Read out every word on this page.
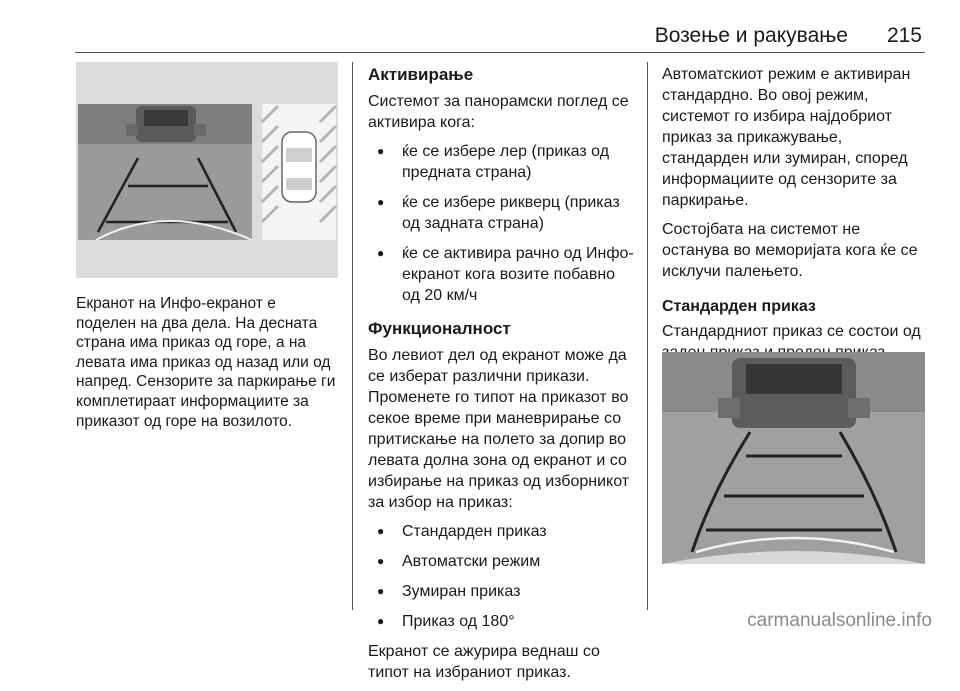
Возење и ракување 215
Екранот на Инфо-екранот е поделен на два дела. На десната страна има приказ од горе, а на левата има приказ од назад или од напред. Сензорите за паркирање ги комплетираат информациите за приказот од горе на возилото.
Активирање

Системот за панорамски поглед се активира кога:

● ќе се избере лер (приказ од предната страна)
● ќе се избере рикверц (приказ од задната страна)
● ќе се активира рачно од Инфо-екранот кога возите побавно од 20 км/ч
Функционалност

Во левиот дел од екранот може да се изберат различни прикази. Променете го типот на приказот во секое време при маневрирање со притискање на полето за допир во левата долна зона од екранот и со избирање на приказ од изборникот за избор на приказ:

● Стандарден приказ
● Автоматски режим
● Зумиран приказ
● Приказ од 180°

Екранот се ажурира веднаш со типот на избраниот приказ.

Автоматскиот режим е активиран стандардно. Во овој режим, системот го избира најдобриот приказ за прикажување, стандарден или зумиран, според информациите од сензорите за паркирање.

Состојбата на системот не останува во меморијата кога ќе се исклучи палењето.

Стандарден приказ

Стандардниот приказ се состои од

carmanualsonline.info
